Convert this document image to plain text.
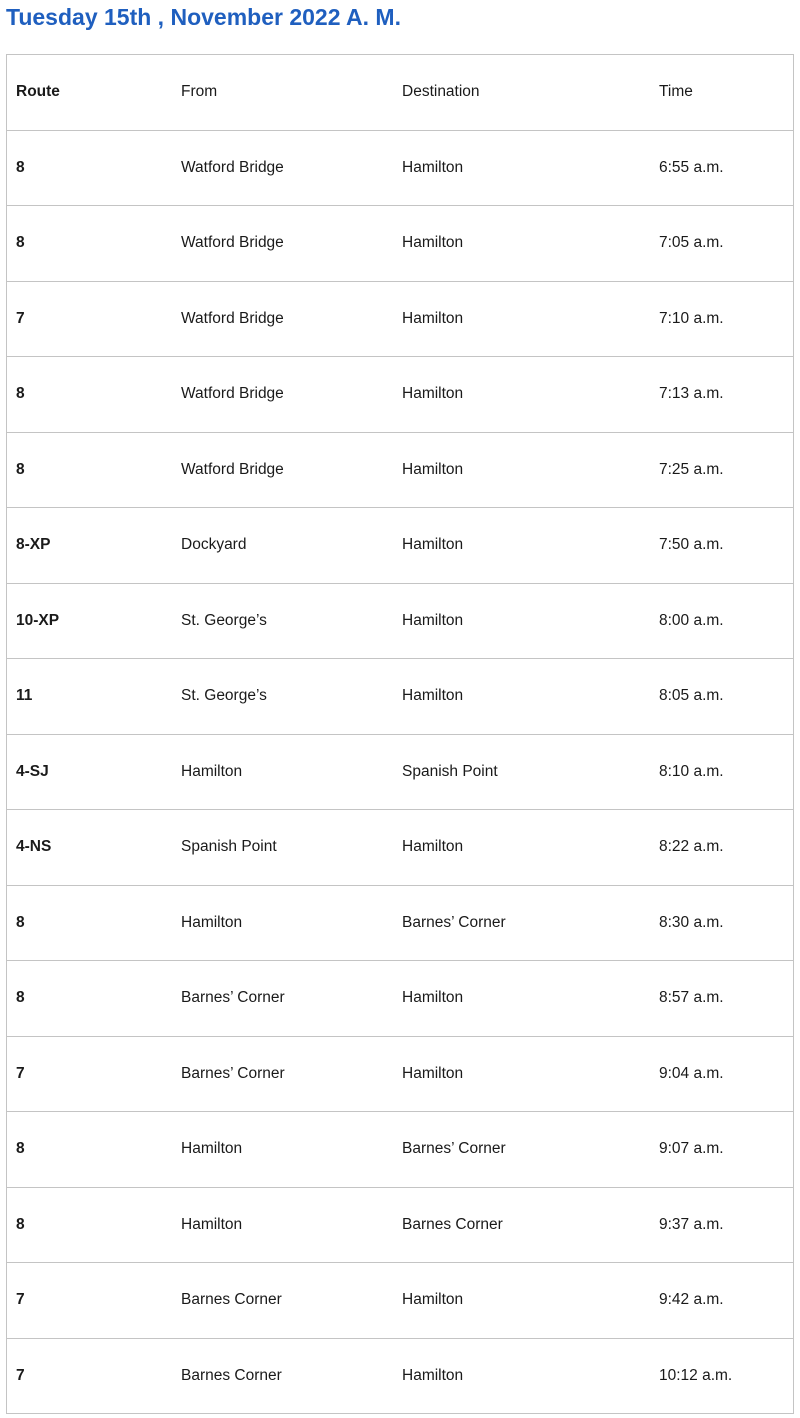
Tuesday 15th , November 2022 A. M.
Route	From	Destination	Time
8	Watford Bridge	Hamilton	6:55 a.m.
8	Watford Bridge	Hamilton	7:05 a.m.
7	Watford Bridge	Hamilton	7:10 a.m.
8	Watford Bridge	Hamilton	7:13 a.m.
8	Watford Bridge	Hamilton	7:25 a.m.
8-XP	Dockyard	Hamilton	7:50 a.m.
10-XP	St. George’s	Hamilton	8:00 a.m.
11	St. George’s	Hamilton	8:05 a.m.
4-SJ	Hamilton	Spanish Point	8:10 a.m.
4-NS	Spanish Point	Hamilton	8:22 a.m.
8	Hamilton	Barnes’ Corner	8:30 a.m.
8	Barnes’ Corner	Hamilton	8:57 a.m.
7	Barnes’ Corner	Hamilton	9:04 a.m.
8	Hamilton	Barnes’ Corner	9:07 a.m.
8	Hamilton	Barnes Corner	9:37 a.m.
7	Barnes Corner	Hamilton	9:42 a.m.
7	Barnes Corner	Hamilton	10:12 a.m.
